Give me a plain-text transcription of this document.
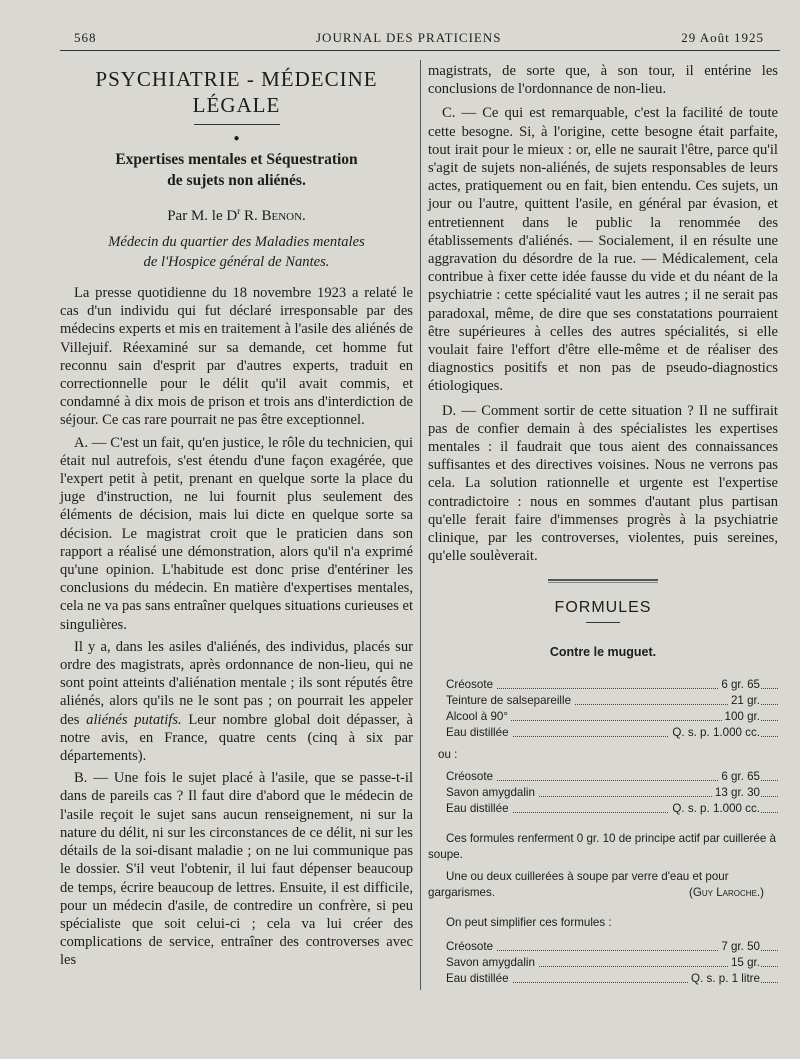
568	JOURNAL DES PRATICIENS	29 Août 1925
PSYCHIATRIE - MÉDECINE LÉGALE
●
Expertises mentales et Séquestration
de sujets non aliénés.
Par M. le $D^r$ R. Benon.
Médecin du quartier des Maladies mentales
de l'Hospice général de Nantes.

La presse quotidienne du 18 novembre 1923 a relaté le cas d'un individu qui fut déclaré irresponsable par des médecins experts et mis en traitement à l'asile des aliénés de Villejuif. Réexaminé sur sa demande, cet homme fut reconnu sain d'esprit par d'autres experts, traduit en correctionnelle pour le délit qu'il avait commis, et condamné à dix mois de prison et trois ans d'interdiction de séjour. Ce cas rare pourrait ne pas être exceptionnel.

A. — C'est un fait, qu'en justice, le rôle du technicien, qui était nul autrefois, s'est étendu d'une façon exagérée, que l'expert petit à petit, prenant en quelque sorte la place du juge d'instruction, ne lui fournit plus seulement des éléments de décision, mais lui dicte en quelque sorte sa décision. Le magistrat croit que le praticien dans son rapport a réalisé une démonstration, alors qu'il n'a exprimé qu'une opinion. L'habitude est donc prise d'entériner les conclusions du médecin. En matière d'expertises mentales, cela ne va pas sans entraîner quelques situations curieuses et singulières.

Il y a, dans les asiles d'aliénés, des individus, placés sur ordre des magistrats, après ordonnance de non-lieu, qui ne sont point atteints d'aliénation mentale ; ils sont réputés être aliénés, alors qu'ils ne le sont pas ; on pourrait les appeler des aliénés putatifs. Leur nombre global doit dépasser, à notre avis, en France, quatre cents (cinq à six par départements).

B. — Une fois le sujet placé à l'asile, que se passe-t-il dans de pareils cas ? Il faut dire d'abord que le médecin de l'asile reçoit le sujet sans aucun renseignement, ni sur la nature du délit, ni sur les circonstances de ce délit, ni sur les détails de la soi-disant maladie ; on ne lui communique pas le dossier. S'il veut l'obtenir, il lui faut dépenser beaucoup de temps, écrire beaucoup de lettres. Ensuite, il est difficile, pour un médecin d'asile, de contredire un confrère, si peu spécialiste que soit celui-ci ; cela va lui créer des complications de service, entraîner des controverses avec les

magistrats, de sorte que, à son tour, il entérine les conclusions de l'ordonnance de non-lieu.

C. — Ce qui est remarquable, c'est la facilité de toute cette besogne. Si, à l'origine, cette besogne était parfaite, tout irait pour le mieux : or, elle ne saurait l'être, parce qu'il s'agit de sujets non-aliénés, de sujets responsables de leurs actes, pratiquement ou en fait, bien entendu. Ces sujets, un jour ou l'autre, quittent l'asile, en général par évasion, et entretiennent dans le public la renommée des établissements d'aliénés. — Socialement, il en résulte une aggravation du désordre de la rue. — Médicalement, cela contribue à fixer cette idée fausse du vide et du néant de la psychiatrie : cette spécialité vaut les autres ; il ne serait pas paradoxal, même, de dire que ses constatations pourraient être supérieures à celles des autres spécialités, si elle voulait faire l'effort d'être elle-même et de réaliser des diagnostics positifs et non pas de pseudo-diagnostics étiologiques.

D. — Comment sortir de cette situation ? Il ne suffirait pas de confier demain à des spécialistes les expertises mentales : il faudrait que tous aient des connaissances suffisantes et des directives voisines. Nous ne verrons pas cela. La solution rationnelle et urgente est l'expertise contradictoire : nous en sommes d'autant plus partisan qu'elle ferait faire d'immenses progrès à la psychiatrie clinique, par les controverses, violentes, puis sereines, qu'elle soulèverait.

FORMULES
Contre le muguet.
Créosote	6 gr. 65
Teinture de salsepareille	21 gr.
Alcool à 90°	100 gr.
Eau distillée	Q. s. p. 1.000 cc.
ou :
Créosote	6 gr. 65
Savon amygdalin	13 gr. 30
Eau distillée	Q. s. p. 1.000 cc.
Ces formules renferment 0 gr. 10 de principe actif par cuillerée à soupe.
Une ou deux cuillerées à soupe par verre d'eau et pour gargarismes.	(Guy Laroche.)
On peut simplifier ces formules :
Créosote	7 gr. 50
Savon amygdalin	15 gr.
Eau distillée	Q. s. p. 1 litre
